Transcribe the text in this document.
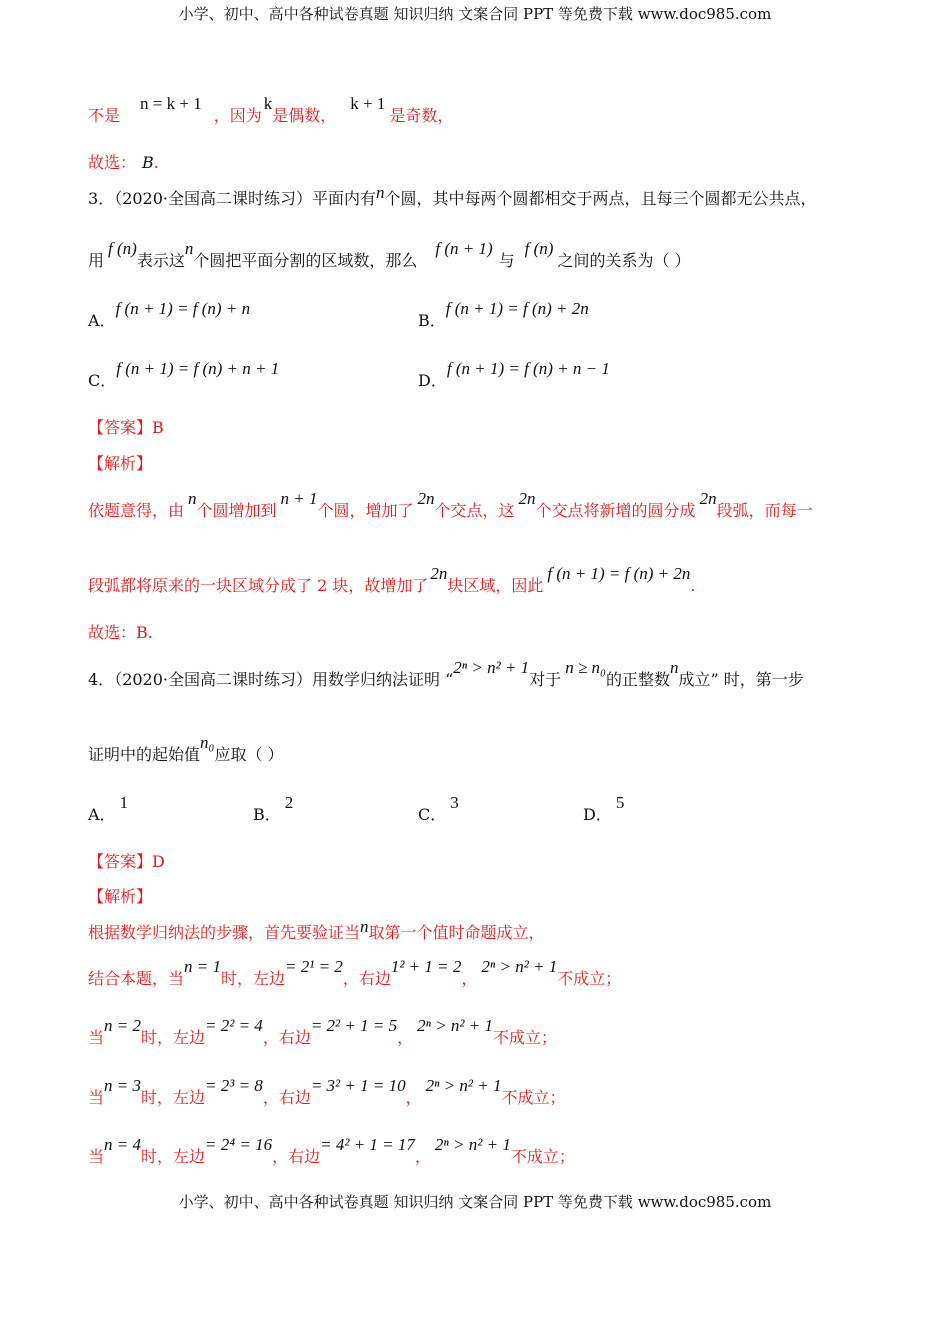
小学、初中、高中各种试卷真题 知识归纳 文案合同 PPT 等免费下载 www.doc985.com
不是n = k + 1，因为k是偶数，k + 1是奇数，
故选： B.
3．（2020·全国高二课时练习）平面内有n个圆，其中每两个圆都相交于两点，且每三个圆都无公共点，
用f (n)表示这n个圆把平面分割的区域数，那么f (n + 1)与f (n)之间的关系为（ ）
A．f (n + 1) = f (n) + n
B．f (n + 1) = f (n) + 2n
C．f (n + 1) = f (n) + n + 1
D．f (n + 1) = f (n) + n − 1
【答案】B
【解析】
依题意得，由n个圆增加到n + 1个圆，增加了2n个交点，这2n个交点将新增的圆分成2n段弧，而每一
段弧都将原来的一块区域分成了 2 块，故增加了2n块区域，因此f (n + 1) = f (n) + 2n.
故选：B.
4．（2020·全国高二课时练习）用数学归纳法证明 “2ⁿ > n² + 1对于n ≥ n₀的正整数n成立” 时，第一步
证明中的起始值n₀应取（ ）
A．1
B．2
C．3
D．5
【答案】D
【解析】
根据数学归纳法的步骤，首先要验证当n取第一个值时命题成立，
结合本题，当n = 1时，左边= 2¹ = 2，右边1² + 1 = 2，2ⁿ > n² + 1不成立；
当n = 2时，左边= 2² = 4，右边= 2² + 1 = 5，2ⁿ > n² + 1不成立；
当n = 3时，左边= 2³ = 8，右边= 3² + 1 = 10，2ⁿ > n² + 1不成立；
当n = 4时，左边= 2⁴ = 16，右边= 4² + 1 = 17，2ⁿ > n² + 1不成立；
小学、初中、高中各种试卷真题 知识归纳 文案合同 PPT 等免费下载 www.doc985.com
